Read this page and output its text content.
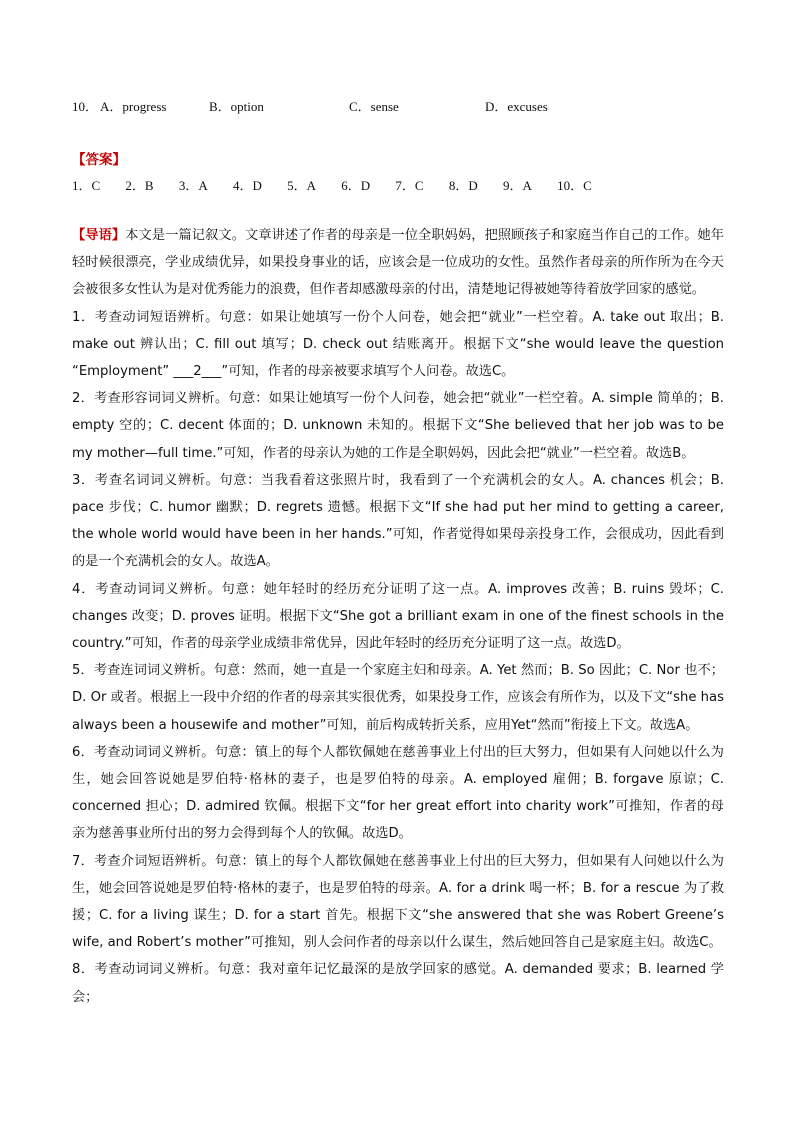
10． A．progress	B．option	C．sense	D．excuses
【答案】
1．C 2．B 3．A 4．D 5．A 6．D 7．C 8．D 9．A 10．C

【导语】本文是一篇记叙文。文章讲述了作者的母亲是一位全职妈妈，把照顾孩子和家庭当作自己的工作。她年轻时候很漂亮，学业成绩优异，如果投身事业的话，应该会是一位成功的女性。虽然作者母亲的所作所为在今天会被很多女性认为是对优秀能力的浪费，但作者却感激母亲的付出，清楚地记得被她等待着放学回家的感觉。

1．考查动词短语辨析。句意：如果让她填写一份个人问卷，她会把“就业”一栏空着。A. take out 取出；B. make out 辨认出；C. fill out 填写；D. check out 结账离开。根据下文“she would leave the question “Employment” ___2___”可知，作者的母亲被要求填写个人问卷。故选C。

2．考查形容词词义辨析。句意：如果让她填写一份个人问卷，她会把“就业”一栏空着。A. simple 简单的；B. empty 空的；C. decent 体面的；D. unknown 未知的。根据下文“She believed that her job was to be my mother—full time.”可知，作者的母亲认为她的工作是全职妈妈，因此会把“就业”一栏空着。故选B。

3．考查名词词义辨析。句意：当我看着这张照片时，我看到了一个充满机会的女人。A. chances 机会；B. pace 步伐；C. humor 幽默；D. regrets 遗憾。根据下文“If she had put her mind to getting a career, the whole world would have been in her hands.”可知，作者觉得如果母亲投身工作，会很成功，因此看到的是一个充满机会的女人。故选A。

4．考查动词词义辨析。句意：她年轻时的经历充分证明了这一点。A. improves 改善；B. ruins 毁坏；C. changes 改变；D. proves 证明。根据下文“She got a brilliant exam in one of the finest schools in the country.”可知，作者的母亲学业成绩非常优异，因此年轻时的经历充分证明了这一点。故选D。

5．考查连词词义辨析。句意：然而，她一直是一个家庭主妇和母亲。A. Yet 然而；B. So 因此；C. Nor 也不；D. Or 或者。根据上一段中介绍的作者的母亲其实很优秀，如果投身工作，应该会有所作为，以及下文“she has always been a housewife and mother”可知，前后构成转折关系，应用Yet“然而”衔接上下文。故选A。

6．考查动词词义辨析。句意：镇上的每个人都钦佩她在慈善事业上付出的巨大努力，但如果有人问她以什么为生，她会回答说她是罗伯特·格林的妻子，也是罗伯特的母亲。A. employed 雇佣；B. forgave 原谅；C. concerned 担心；D. admired 钦佩。根据下文“for her great effort into charity work”可推知，作者的母亲为慈善事业所付出的努力会得到每个人的钦佩。故选D。

7．考查介词短语辨析。句意：镇上的每个人都钦佩她在慈善事业上付出的巨大努力，但如果有人问她以什么为生，她会回答说她是罗伯特·格林的妻子，也是罗伯特的母亲。A. for a drink 喝一杯；B. for a rescue 为了救援；C. for a living 谋生；D. for a start 首先。根据下文“she answered that she was Robert Greene’s wife, and Robert’s mother”可推知，别人会问作者的母亲以什么谋生，然后她回答自己是家庭主妇。故选C。

8．考查动词词义辨析。句意：我对童年记忆最深的是放学回家的感觉。A. demanded 要求；B. learned 学会；
